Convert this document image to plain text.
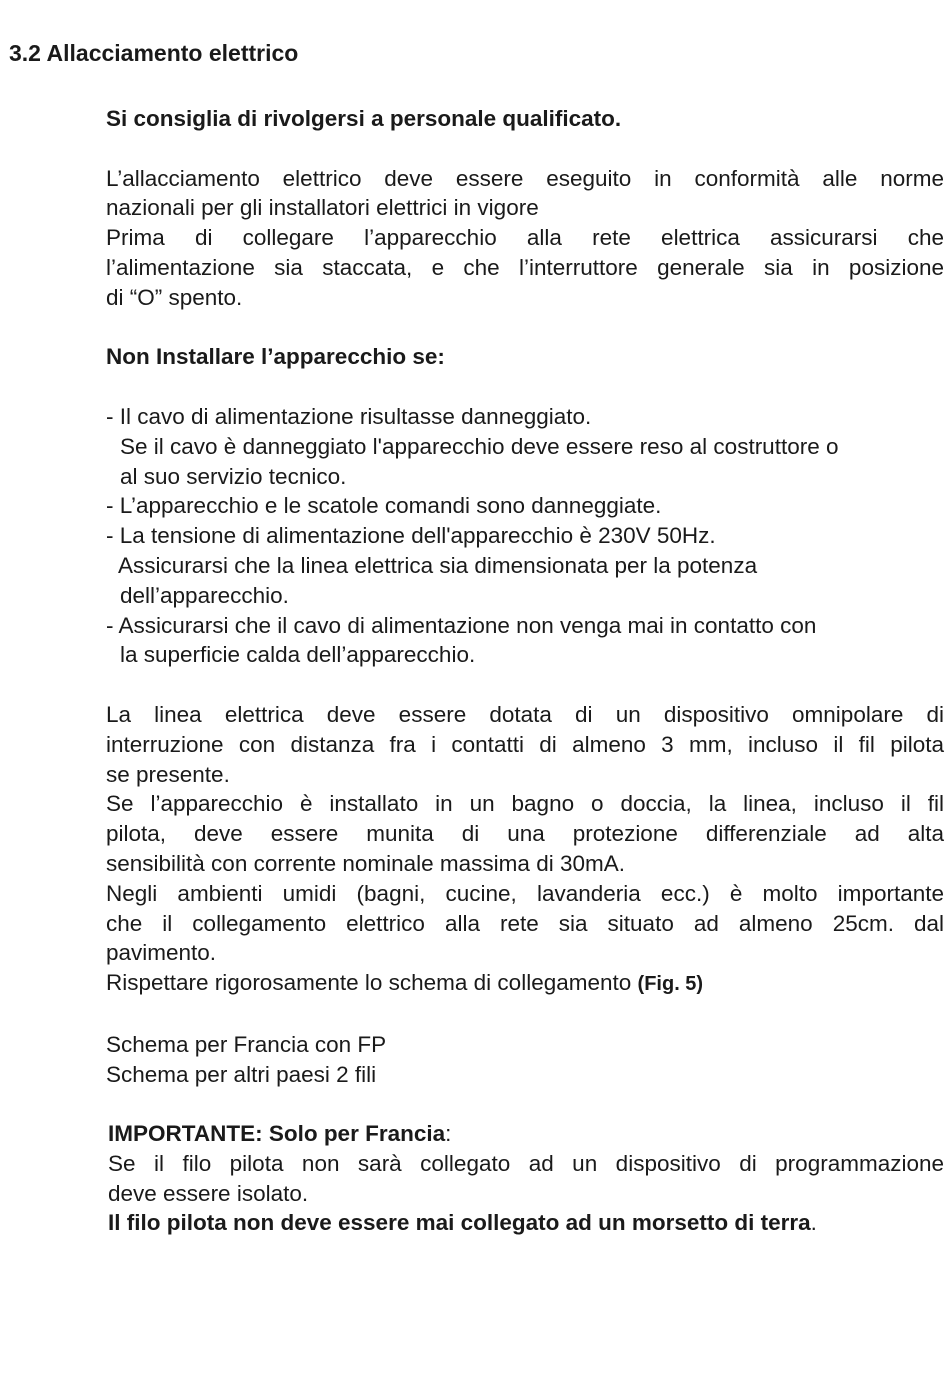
3.2 Allacciamento elettrico
Si consiglia di rivolgersi a personale qualificato.
L’allacciamento elettrico deve essere eseguito in conformità alle norme
nazionali per gli installatori elettrici in vigore
Prima di collegare l’apparecchio alla rete elettrica assicurarsi che
l’alimentazione sia staccata, e che l’interruttore generale sia in posizione
di “O” spento.
Non Installare l’apparecchio se:
- Il cavo di alimentazione risultasse danneggiato.
Se il cavo è danneggiato l'apparecchio deve essere reso al costruttore o
al suo servizio tecnico.
- L’apparecchio e le scatole comandi sono danneggiate.
- La tensione di alimentazione dell'apparecchio è 230V 50Hz.
Assicurarsi che la linea elettrica sia dimensionata per la potenza
dell’apparecchio.
- Assicurarsi che il cavo di alimentazione non venga mai in contatto con
la superficie calda dell’apparecchio.
La linea elettrica deve essere dotata di un dispositivo omnipolare di
interruzione con distanza fra i contatti di almeno 3 mm, incluso il fil pilota
se presente.
Se l’apparecchio è installato in un bagno o doccia, la linea, incluso il fil
pilota, deve essere munita di una protezione differenziale ad alta
sensibilità con corrente nominale massima di 30mA.
Negli ambienti umidi (bagni, cucine, lavanderia ecc.) è molto importante
che il collegamento elettrico alla rete sia situato ad almeno 25cm. dal
pavimento.
Rispettare rigorosamente lo schema di collegamento (Fig. 5)
Schema per Francia con FP
Schema per altri paesi 2 fili
IMPORTANTE: Solo per Francia:
Se il filo pilota non sarà collegato ad un dispositivo di programmazione
deve essere isolato.
Il filo pilota non deve essere mai collegato ad un morsetto di terra.
